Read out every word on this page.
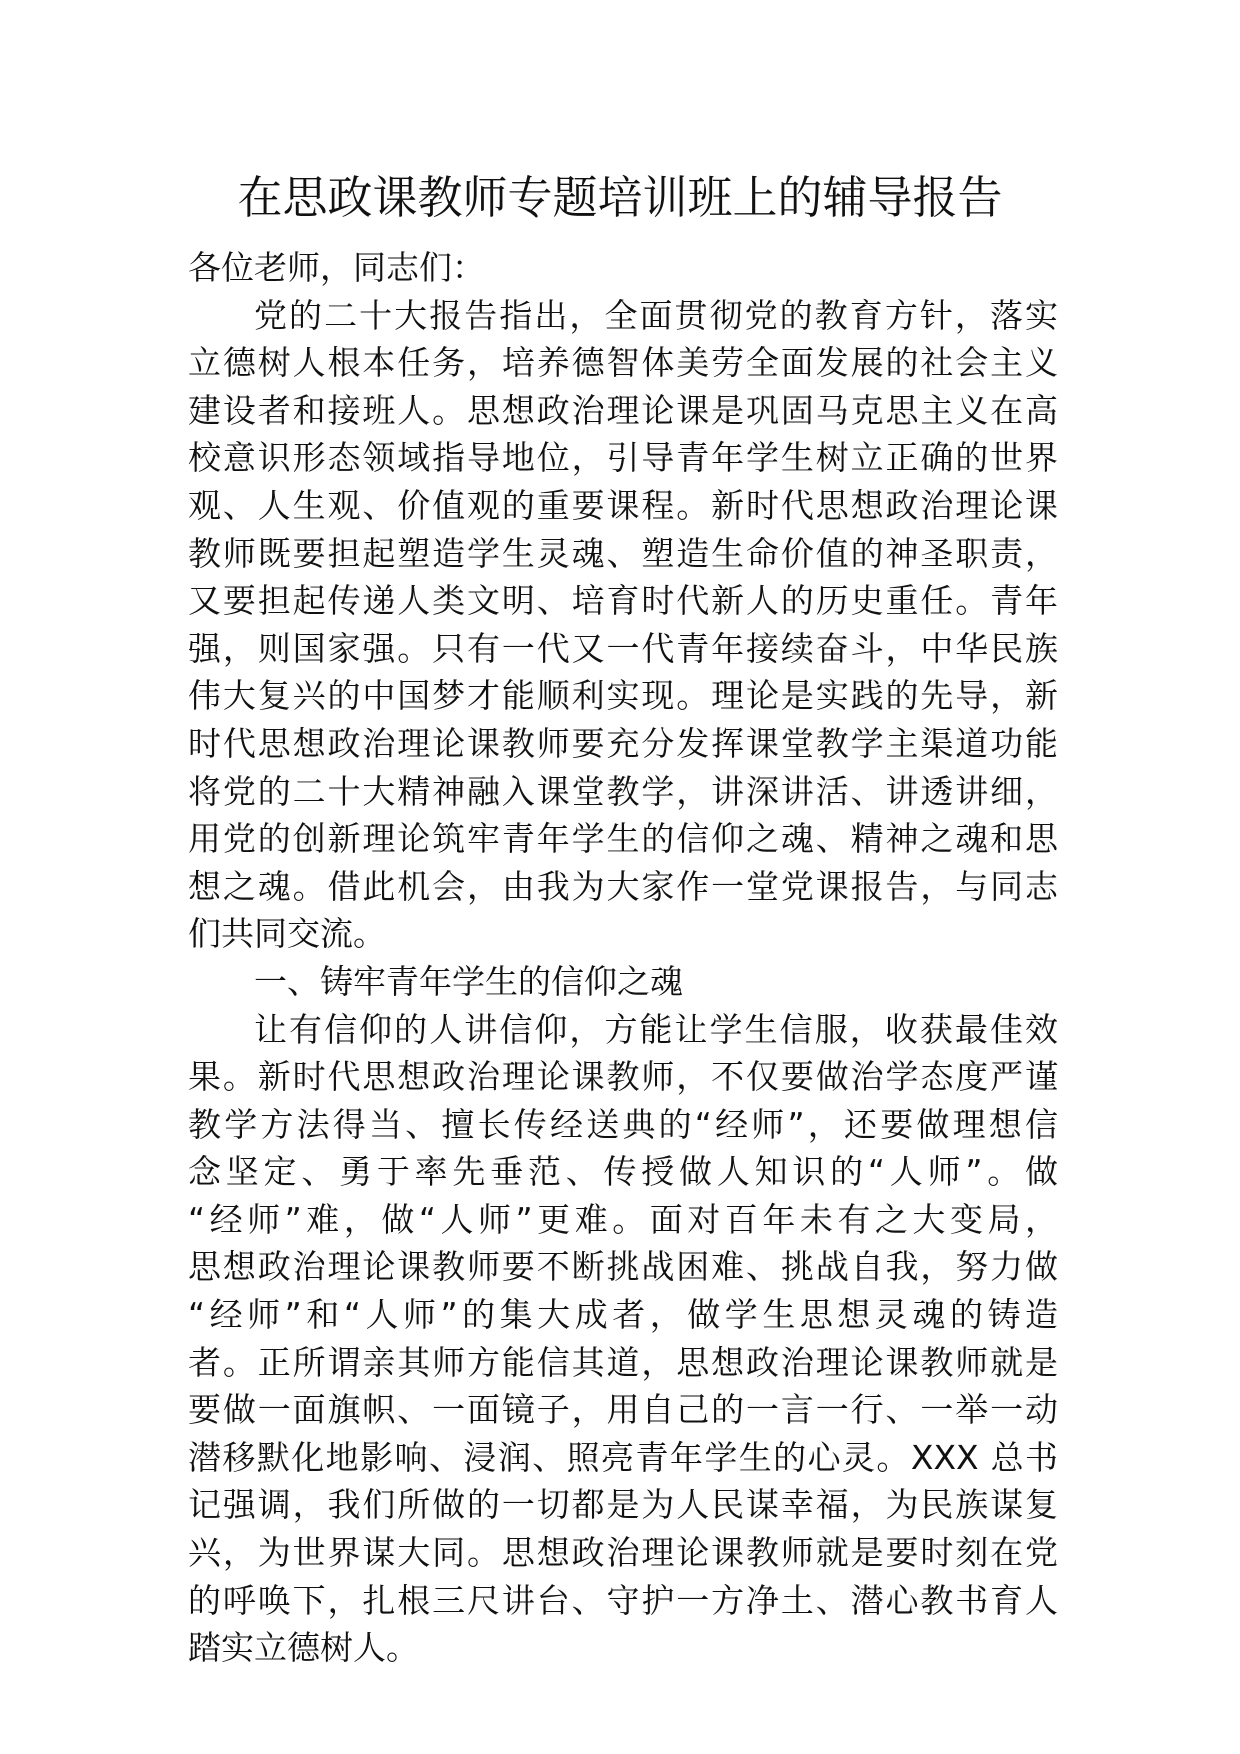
在思政课教师专题培训班上的辅导报告
各位老师，同志们：
党的二十大报告指出，全面贯彻党的教育方针，落实
立德树人根本任务，培养德智体美劳全面发展的社会主义
建设者和接班人。思想政治理论课是巩固马克思主义在高
校意识形态领域指导地位，引导青年学生树立正确的世界
观、人生观、价值观的重要课程。新时代思想政治理论课
教师既要担起塑造学生灵魂、塑造生命价值的神圣职责，
又要担起传递人类文明、培育时代新人的历史重任。青年
强，则国家强。只有一代又一代青年接续奋斗，中华民族
伟大复兴的中国梦才能顺利实现。理论是实践的先导，新
时代思想政治理论课教师要充分发挥课堂教学主渠道功能
将党的二十大精神融入课堂教学，讲深讲活、讲透讲细，
用党的创新理论筑牢青年学生的信仰之魂、精神之魂和思
想之魂。借此机会，由我为大家作一堂党课报告，与同志
们共同交流。
一、铸牢青年学生的信仰之魂
让有信仰的人讲信仰，方能让学生信服，收获最佳效
果。新时代思想政治理论课教师，不仅要做治学态度严谨
教学方法得当、擅长传经送典的“经师”，还要做理想信
念坚定、勇于率先垂范、传授做人知识的“人师”。做
“经师”难，做“人师”更难。面对百年未有之大变局，
思想政治理论课教师要不断挑战困难、挑战自我，努力做
“经师”和“人师”的集大成者，做学生思想灵魂的铸造
者。正所谓亲其师方能信其道，思想政治理论课教师就是
要做一面旗帜、一面镜子，用自己的一言一行、一举一动
潜移默化地影响、浸润、照亮青年学生的心灵。XXX 总书
记强调，我们所做的一切都是为人民谋幸福，为民族谋复
兴，为世界谋大同。思想政治理论课教师就是要时刻在党
的呼唤下，扎根三尺讲台、守护一方净土、潜心教书育人
踏实立德树人。
